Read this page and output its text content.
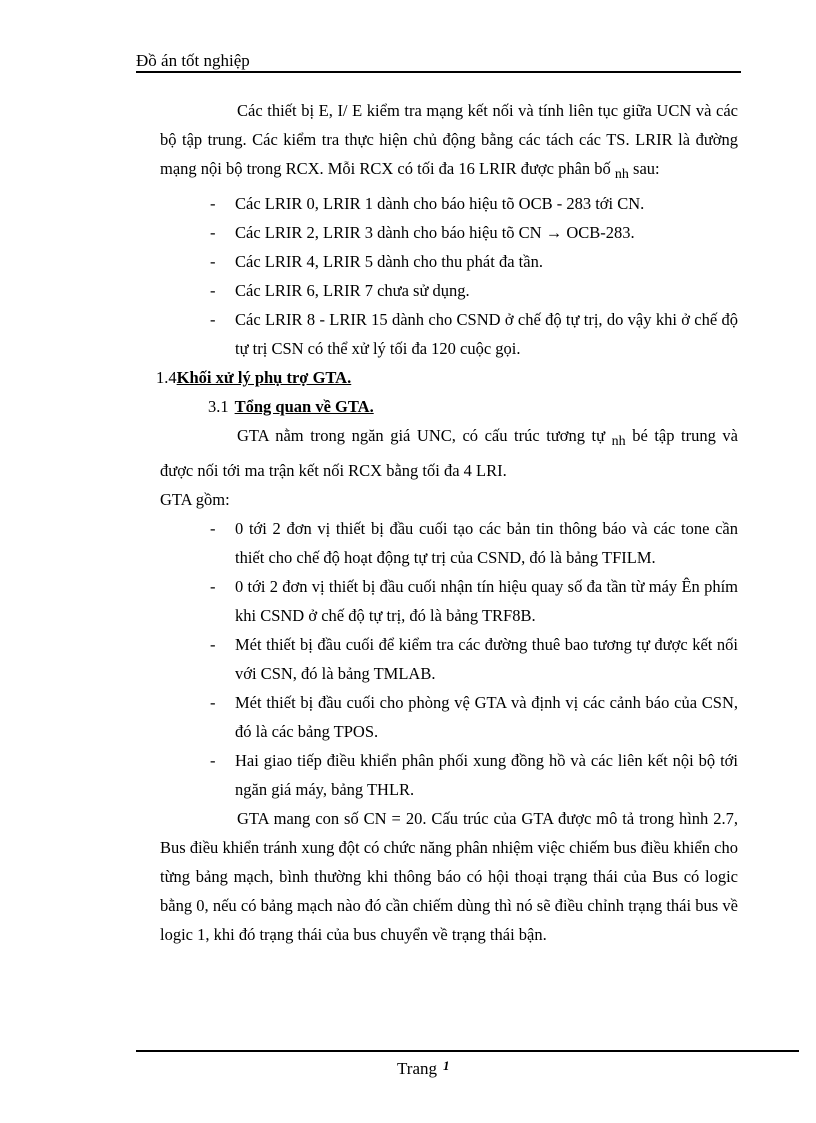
Đồ án tốt nghiệp

Các thiết bị E, I/ E kiểm tra mạng kết nối và tính liên tục giữa UCN và các bộ tập trung. Các kiểm tra thực hiện chủ động bằng các tách các TS. LRIR là đường mạng nội bộ trong RCX. Mỗi RCX có tối đa 16 LRIR được phân bố $_{nh}$ sau:

- Các LRIR 0, LRIR 1 dành cho báo hiệu tõ OCB - 283 tới CN.

- Các LRIR 2, LRIR 3 dành cho báo hiệu tõ CN → OCB-283.

- Các LRIR 4, LRIR 5 dành cho thu phát đa tần.

- Các LRIR 6, LRIR 7 chưa sử dụng.

- Các LRIR 8 - LRIR 15 dành cho CSND ở chế độ tự trị, do vậy khi ở chế độ tự trị CSN có thể xử lý tối đa 120 cuộc gọi.

1.4Khối xử lý phụ trợ GTA.

3.1 Tổng quan về GTA.

GTA nằm trong ngăn giá UNC, có cấu trúc tương tự $_{nh}$ bé tập trung và được nối tới ma trận kết nối RCX bằng tối đa 4 LRI.

GTA gồm:

- 0 tới 2 đơn vị thiết bị đầu cuối tạo các bản tin thông báo và các tone cần thiết cho chế độ hoạt động tự trị của CSND, đó là bảng TFILM.

- 0 tới 2 đơn vị thiết bị đầu cuối nhận tín hiệu quay số đa tần từ máy Ên phím khi CSND ở chế độ tự trị, đó là bảng TRF8B.

- Mét thiết bị đầu cuối để kiểm tra các đường thuê bao tương tự được kết nối với CSN, đó là bảng TMLAB.

- Mét thiết bị đầu cuối cho phòng vệ GTA và định vị các cảnh báo của CSN, đó là các bảng TPOS.

- Hai giao tiếp điều khiển phân phối xung đồng hồ và các liên kết nội bộ tới ngăn giá máy, bảng THLR.

GTA mang con số CN = 20. Cấu trúc của GTA được mô tả trong hình 2.7, Bus điều khiển tránh xung đột có chức năng phân nhiệm việc chiếm bus điều khiển cho từng bảng mạch, bình thường khi thông báo có hội thoại trạng thái của Bus có logic bằng 0, nếu có bảng mạch nào đó cần chiếm dùng thì nó sẽ điều chỉnh trạng thái bus về logic 1, khi đó trạng thái của bus chuyển về trạng thái bận.

Trang $^1$
